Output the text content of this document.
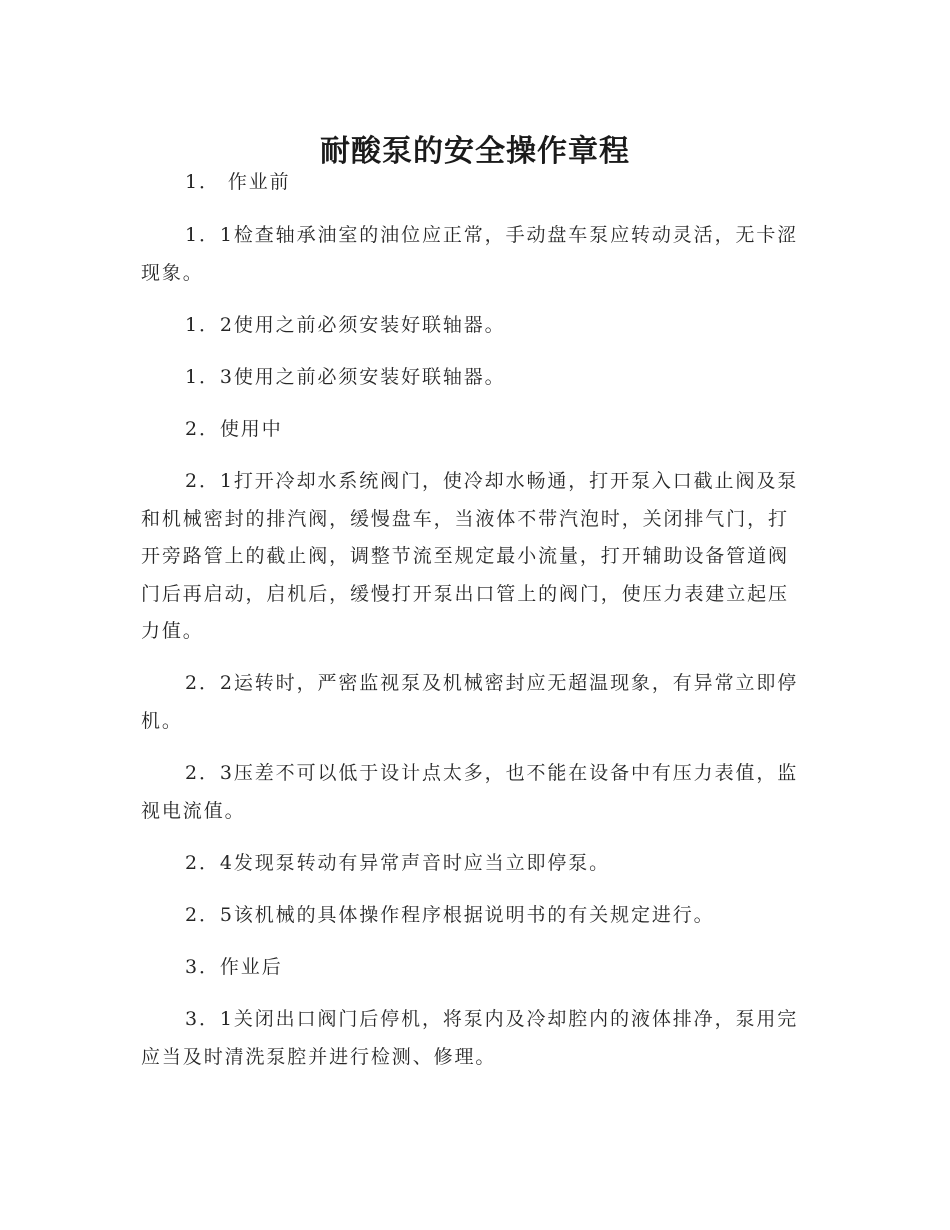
耐酸泵的安全操作章程

1． 作业前

1．1检查轴承油室的油位应正常，手动盘车泵应转动灵活，无卡涩现象。

1．2使用之前必须安装好联轴器。

1．3使用之前必须安装好联轴器。

2．使用中

2．1打开冷却水系统阀门，使冷却水畅通，打开泵入口截止阀及泵和机械密封的排汽阀，缓慢盘车，当液体不带汽泡时，关闭排气门，打开旁路管上的截止阀，调整节流至规定最小流量，打开辅助设备管道阀门后再启动，启机后，缓慢打开泵出口管上的阀门，使压力表建立起压力值。

2．2运转时，严密监视泵及机械密封应无超温现象，有异常立即停机。

2．3压差不可以低于设计点太多，也不能在设备中有压力表值，监视电流值。

2．4发现泵转动有异常声音时应当立即停泵。

2．5该机械的具体操作程序根据说明书的有关规定进行。

3．作业后

3．1关闭出口阀门后停机，将泵内及冷却腔内的液体排净，泵用完应当及时清洗泵腔并进行检测、修理。
